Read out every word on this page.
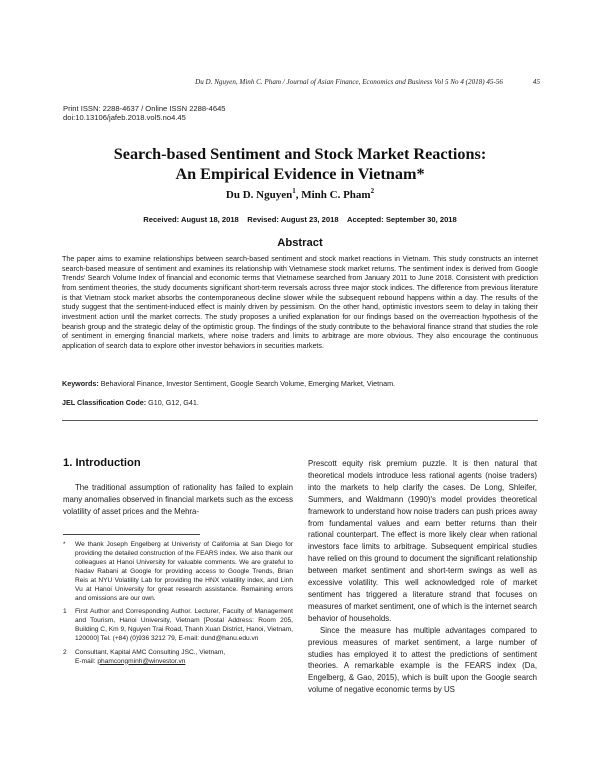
Du D. Nguyen, Minh C. Pham / Journal of Asian Finance, Economics and Business Vol 5 No 4 (2018) 45-56	45
Print ISSN: 2288-4637 / Online ISSN 2288-4645
doi:10.13106/jafeb.2018.vol5.no4.45
Search-based Sentiment and Stock Market Reactions:
An Empirical Evidence in Vietnam*
Du D. Nguyen$^1$, Minh C. Pham$^2$
Received: August 18, 2018 Revised: August 23, 2018 Accepted: September 30, 2018
Abstract
The paper aims to examine relationships between search-based sentiment and stock market reactions in Vietnam. This study constructs an internet search-based measure of sentiment and examines its relationship with Vietnamese stock market returns. The sentiment index is derived from Google Trends' Search Volume Index of financial and economic terms that Vietnamese searched from January 2011 to June 2018. Consistent with prediction from sentiment theories, the study documents significant short-term reversals across three major stock indices. The difference from previous literature is that Vietnam stock market absorbs the contemporaneous decline slower while the subsequent rebound happens within a day. The results of the study suggest that the sentiment-induced effect is mainly driven by pessimism. On the other hand, optimistic investors seem to delay in taking their investment action until the market corrects. The study proposes a unified explanation for our findings based on the overreaction hypothesis of the bearish group and the strategic delay of the optimistic group. The findings of the study contribute to the behavioral finance strand that studies the role of sentiment in emerging financial markets, where noise traders and limits to arbitrage are more obvious. They also encourage the continuous application of search data to explore other investor behaviors in securities markets.
Keywords: Behavioral Finance, Investor Sentiment, Google Search Volume, Emerging Market, Vietnam.
JEL Classification Code: G10, G12, G41.
1. Introduction

The traditional assumption of rationality has failed to explain many anomalies observed in financial markets such as the excess volatility of asset prices and the Mehra-

* We thank Joseph Engelberg at Univeristy of California at San Diego for providing the detailed construction of the FEARS index. We also thank our colleagues at Hanoi University for valuable comments. We are grateful to Nadav Rabani at Google for providing access to Google Trends, Brian Reis at NYU Volatility Lab for providing the HNX volatility index, and Linh Vu at Hanoi University for great research assistance. Remaining errors and omissions are our own.
1 First Author and Corresponding Author. Lecturer, Faculty of Management and Tourism, Hanoi University, Vietnam [Postal Address: Room 205, Building C, Km 9, Nguyen Trai Road, Thanh Xuan District, Hanoi, Vietnam, 120000] Tel. (+84) (0)936 3212 79, E-mail: dund@hanu.edu.vn
2 Consultant, Kapital AMC Consulting JSC., Vietnam,
E-mail: phamcongminh@winvestor.vn

Prescott equity risk premium puzzle. It is then natural that theoretical models introduce less rational agents (noise traders) into the markets to help clarify the cases. De Long, Shleifer, Summers, and Waldmann (1990)'s model provides theoretical framework to understand how noise traders can push prices away from fundamental values and earn better returns than their rational counterpart. The effect is more likely clear when rational investors face limits to arbitrage. Subsequent empirical studies have relied on this ground to document the significant relationship between market sentiment and short-term swings as well as excessive volatility. This well acknowledged role of market sentiment has triggered a literature strand that focuses on measures of market sentiment, one of which is the internet search behavior of households.

Since the measure has multiple advantages compared to previous measures of market sentiment, a large number of studies has employed it to attest the predictions of sentiment theories. A remarkable example is the FEARS index (Da, Engelberg, & Gao, 2015), which is built upon the Google search volume of negative economic terms by US
